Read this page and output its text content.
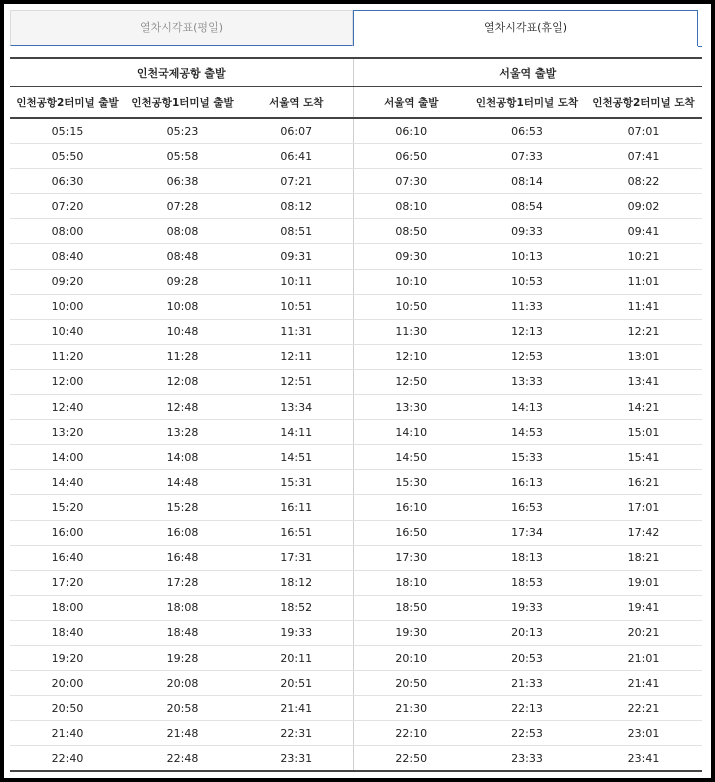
열차시각표(평일)	열차시각표(휴일)
인천국제공항 출발			서울역 출발		
인천공항2터미널 출발	인천공항1터미널 출발	서울역 도착	서울역 출발	인천공항1터미널 도착	인천공항2터미널 도착
05:15	05:23	06:07	06:10	06:53	07:01
05:50	05:58	06:41	06:50	07:33	07:41
06:30	06:38	07:21	07:30	08:14	08:22
07:20	07:28	08:12	08:10	08:54	09:02
08:00	08:08	08:51	08:50	09:33	09:41
08:40	08:48	09:31	09:30	10:13	10:21
09:20	09:28	10:11	10:10	10:53	11:01
10:00	10:08	10:51	10:50	11:33	11:41
10:40	10:48	11:31	11:30	12:13	12:21
11:20	11:28	12:11	12:10	12:53	13:01
12:00	12:08	12:51	12:50	13:33	13:41
12:40	12:48	13:34	13:30	14:13	14:21
13:20	13:28	14:11	14:10	14:53	15:01
14:00	14:08	14:51	14:50	15:33	15:41
14:40	14:48	15:31	15:30	16:13	16:21
15:20	15:28	16:11	16:10	16:53	17:01
16:00	16:08	16:51	16:50	17:34	17:42
16:40	16:48	17:31	17:30	18:13	18:21
17:20	17:28	18:12	18:10	18:53	19:01
18:00	18:08	18:52	18:50	19:33	19:41
18:40	18:48	19:33	19:30	20:13	20:21
19:20	19:28	20:11	20:10	20:53	21:01
20:00	20:08	20:51	20:50	21:33	21:41
20:50	20:58	21:41	21:30	22:13	22:21
21:40	21:48	22:31	22:10	22:53	23:01
22:40	22:48	23:31	22:50	23:33	23:41
